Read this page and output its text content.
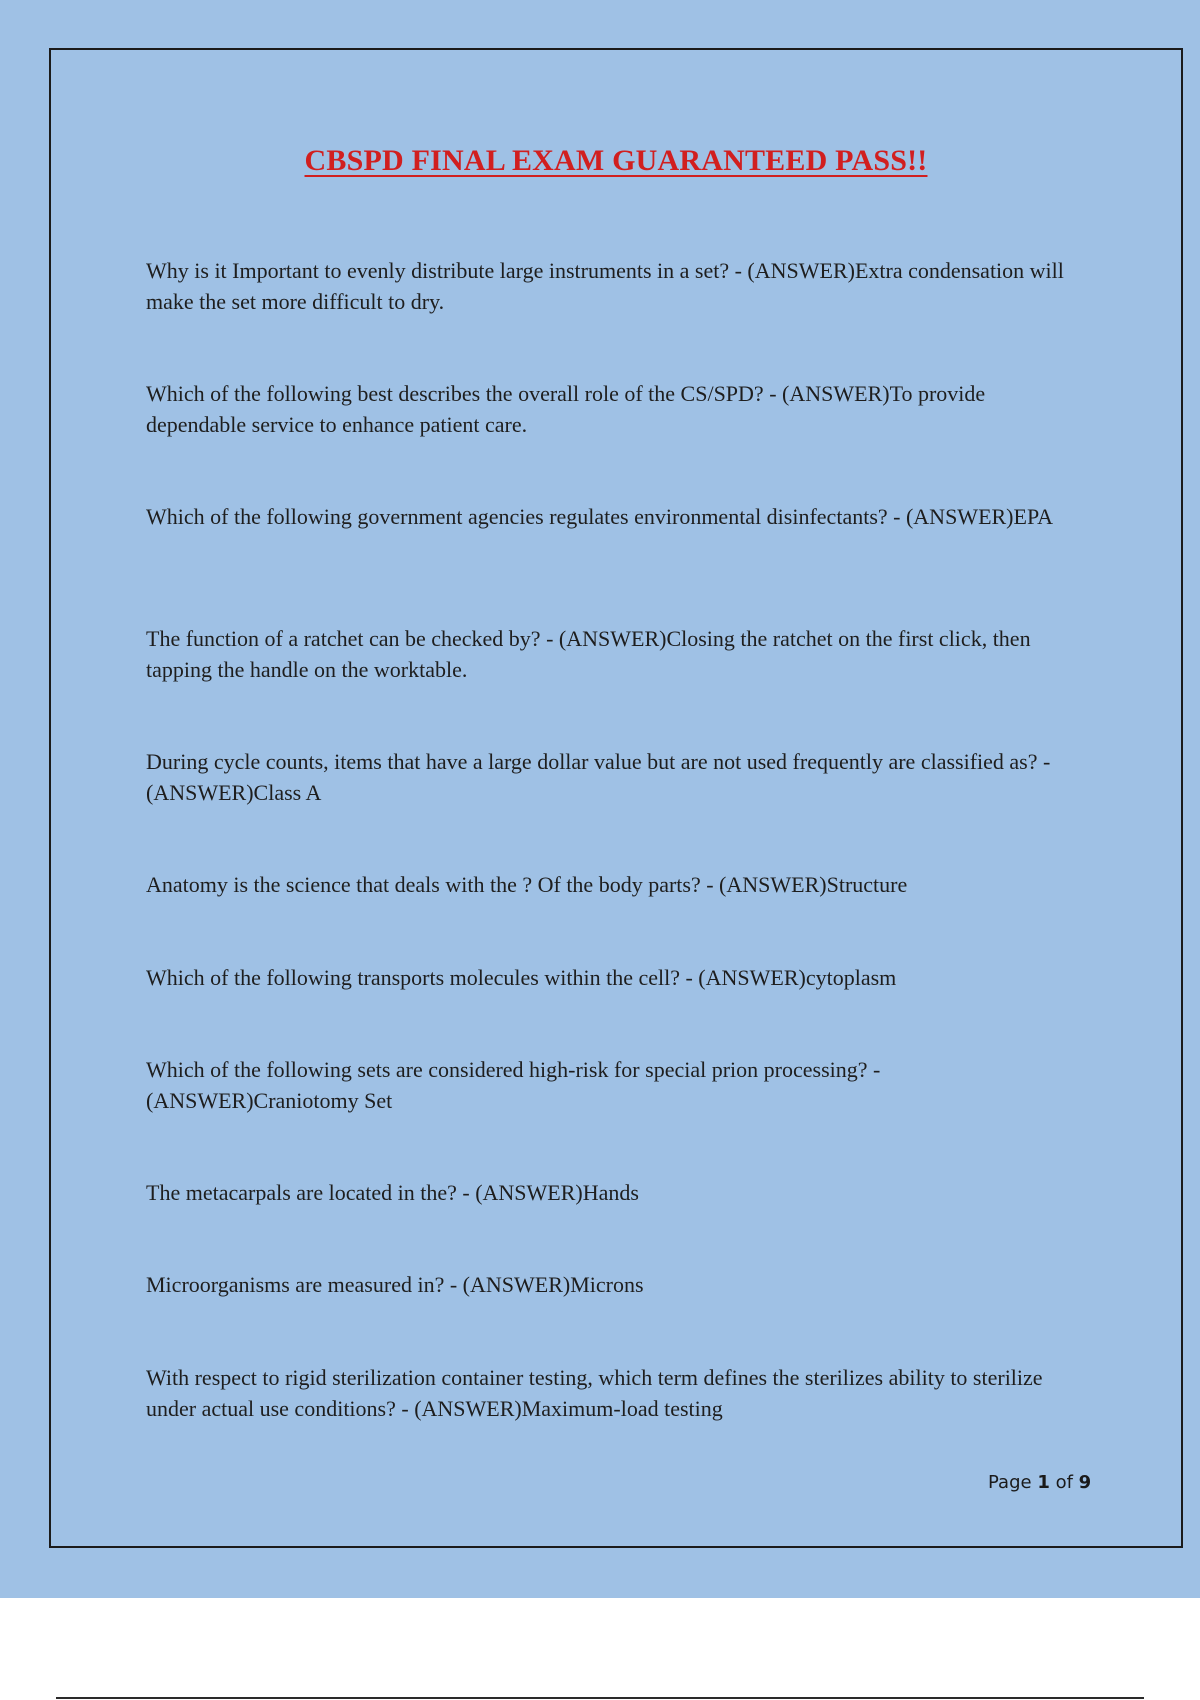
CBSPD FINAL EXAM GUARANTEED PASS!!

Why is it Important to evenly distribute large instruments in a set? - (ANSWER)Extra condensation will make the set more difficult to dry.

Which of the following best describes the overall role of the CS/SPD? - (ANSWER)To provide dependable service to enhance patient care.

Which of the following government agencies regulates environmental disinfectants? - (ANSWER)EPA

The function of a ratchet can be checked by? - (ANSWER)Closing the ratchet on the first click, then tapping the handle on the worktable.

During cycle counts, items that have a large dollar value but are not used frequently are classified as? - (ANSWER)Class A

Anatomy is the science that deals with the ? Of the body parts? - (ANSWER)Structure

Which of the following transports molecules within the cell? - (ANSWER)cytoplasm

Which of the following sets are considered high-risk for special prion processing? - (ANSWER)Craniotomy Set

The metacarpals are located in the? - (ANSWER)Hands

Microorganisms are measured in? - (ANSWER)Microns

With respect to rigid sterilization container testing, which term defines the sterilizes ability to sterilize under actual use conditions? - (ANSWER)Maximum-load testing

Page 1 of 9
